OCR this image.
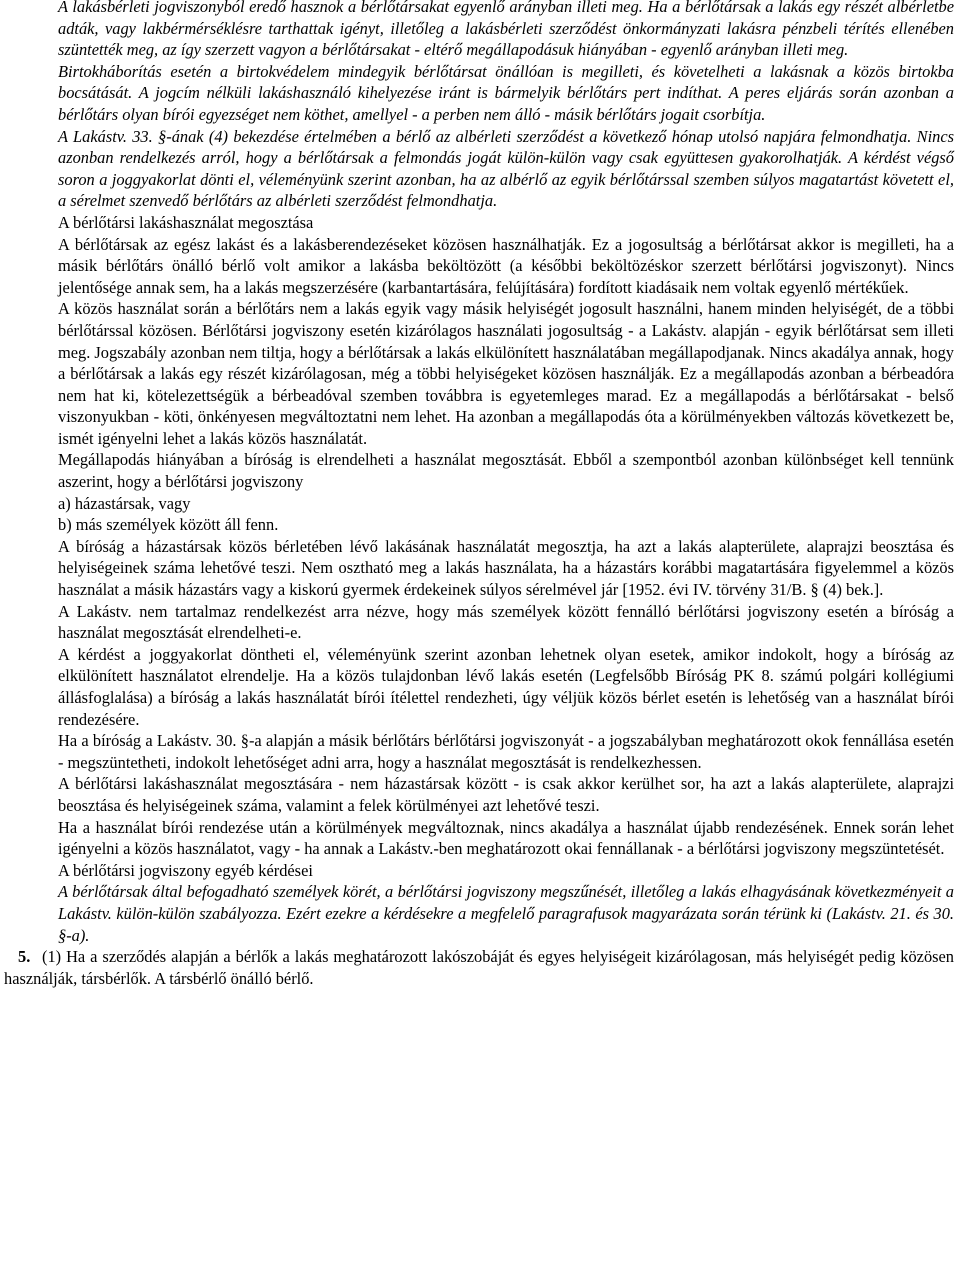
A lakásbérleti jogviszonyból eredő hasznok a bérlőtársakat egyenlő arányban illeti meg. Ha a bérlőtársak a lakás egy részét albérletbe adták, vagy lakbérmérséklésre tarthattak igényt, illetőleg a lakásbérleti szerződést önkormányzati lakásra pénzbeli térítés ellenében szüntették meg, az így szerzett vagyon a bérlőtársakat - eltérő megállapodásuk hiányában - egyenlő arányban illeti meg.

Birtokháborítás esetén a birtokvédelem mindegyik bérlőtársat önállóan is megilleti, és követelheti a lakásnak a közös birtokba bocsátását. A jogcím nélküli lakáshasználó kihelyezése iránt is bármelyik bérlőtárs pert indíthat. A peres eljárás során azonban a bérlőtárs olyan bírói egyezséget nem köthet, amellyel - a perben nem álló - másik bérlőtárs jogait csorbítja.

A Lakástv. 33. §-ának (4) bekezdése értelmében a bérlő az albérleti szerződést a következő hónap utolsó napjára felmondhatja. Nincs azonban rendelkezés arról, hogy a bérlőtársak a felmondás jogát külön-külön vagy csak együttesen gyakorolhatják. A kérdést végső soron a joggyakorlat dönti el, véleményünk szerint azonban, ha az albérlő az egyik bérlőtárssal szemben súlyos magatartást követett el, a sérelmet szenvedő bérlőtárs az albérleti szerződést felmondhatja.

A bérlőtársi lakáshasználat megosztása

A bérlőtársak az egész lakást és a lakásberendezéseket közösen használhatják. Ez a jogosultság a bérlőtársat akkor is megilleti, ha a másik bérlőtárs önálló bérlő volt amikor a lakásba beköltözött (a későbbi beköltözéskor szerzett bérlőtársi jogviszonyt). Nincs jelentősége annak sem, ha a lakás megszerzésére (karbantartására, felújítására) fordított kiadásaik nem voltak egyenlő mértékűek.

A közös használat során a bérlőtárs nem a lakás egyik vagy másik helyiségét jogosult használni, hanem minden helyiségét, de a többi bérlőtárssal közösen. Bérlőtársi jogviszony esetén kizárólagos használati jogosultság - a Lakástv. alapján - egyik bérlőtársat sem illeti meg. Jogszabály azonban nem tiltja, hogy a bérlőtársak a lakás elkülönített használatában megállapodjanak. Nincs akadálya annak, hogy a bérlőtársak a lakás egy részét kizárólagosan, még a többi helyiségeket közösen használják. Ez a megállapodás azonban a bérbeadóra nem hat ki, kötelezettségük a bérbeadóval szemben továbbra is egyetemleges marad. Ez a megállapodás a bérlőtársakat - belső viszonyukban - köti, önkényesen megváltoztatni nem lehet. Ha azonban a megállapodás óta a körülményekben változás következett be, ismét igényelni lehet a lakás közös használatát.

Megállapodás hiányában a bíróság is elrendelheti a használat megosztását. Ebből a szempontból azonban különbséget kell tennünk aszerint, hogy a bérlőtársi jogviszony

a) házastársak, vagy

b) más személyek között áll fenn.

A bíróság a házastársak közös bérletében lévő lakásának használatát megosztja, ha azt a lakás alapterülete, alaprajzi beosztása és helyiségeinek száma lehetővé teszi. Nem osztható meg a lakás használata, ha a házastárs korábbi magatartására figyelemmel a közös használat a másik házastárs vagy a kiskorú gyermek érdekeinek súlyos sérelmével jár [1952. évi IV. törvény 31/B. § (4) bek.].

A Lakástv. nem tartalmaz rendelkezést arra nézve, hogy más személyek között fennálló bérlőtársi jogviszony esetén a bíróság a használat megosztását elrendelheti-e.

A kérdést a joggyakorlat döntheti el, véleményünk szerint azonban lehetnek olyan esetek, amikor indokolt, hogy a bíróság az elkülönített használatot elrendelje. Ha a közös tulajdonban lévő lakás esetén (Legfelsőbb Bíróság PK 8. számú polgári kollégiumi állásfoglalása) a bíróság a lakás használatát bírói ítélettel rendezheti, úgy véljük közös bérlet esetén is lehetőség van a használat bírói rendezésére.

Ha a bíróság a Lakástv. 30. §-a alapján a másik bérlőtárs bérlőtársi jogviszonyát - a jogszabályban meghatározott okok fennállása esetén - megszüntetheti, indokolt lehetőséget adni arra, hogy a használat megosztását is rendelkezhessen.

A bérlőtársi lakáshasználat megosztására - nem házastársak között - is csak akkor kerülhet sor, ha azt a lakás alapterülete, alaprajzi beosztása és helyiségeinek száma, valamint a felek körülményei azt lehetővé teszi.

Ha a használat bírói rendezése után a körülmények megváltoznak, nincs akadálya a használat újabb rendezésének. Ennek során lehet igényelni a közös használatot, vagy - ha annak a Lakástv.-ben meghatározott okai fennállanak - a bérlőtársi jogviszony megszüntetését.

A bérlőtársi jogviszony egyéb kérdései

A bérlőtársak által befogadható személyek körét, a bérlőtársi jogviszony megszűnését, illetőleg a lakás elhagyásának következményeit a Lakástv. külön-külön szabályozza. Ezért ezekre a kérdésekre a megfelelő paragrafusok magyarázata során térünk ki (Lakástv. 21. és 30. §-a).

5. (1) Ha a szerződés alapján a bérlők a lakás meghatározott lakószobáját és egyes helyiségeit kizárólagosan, más helyiségét pedig közösen használják, társbérlők. A társbérlő önálló bérlő.
